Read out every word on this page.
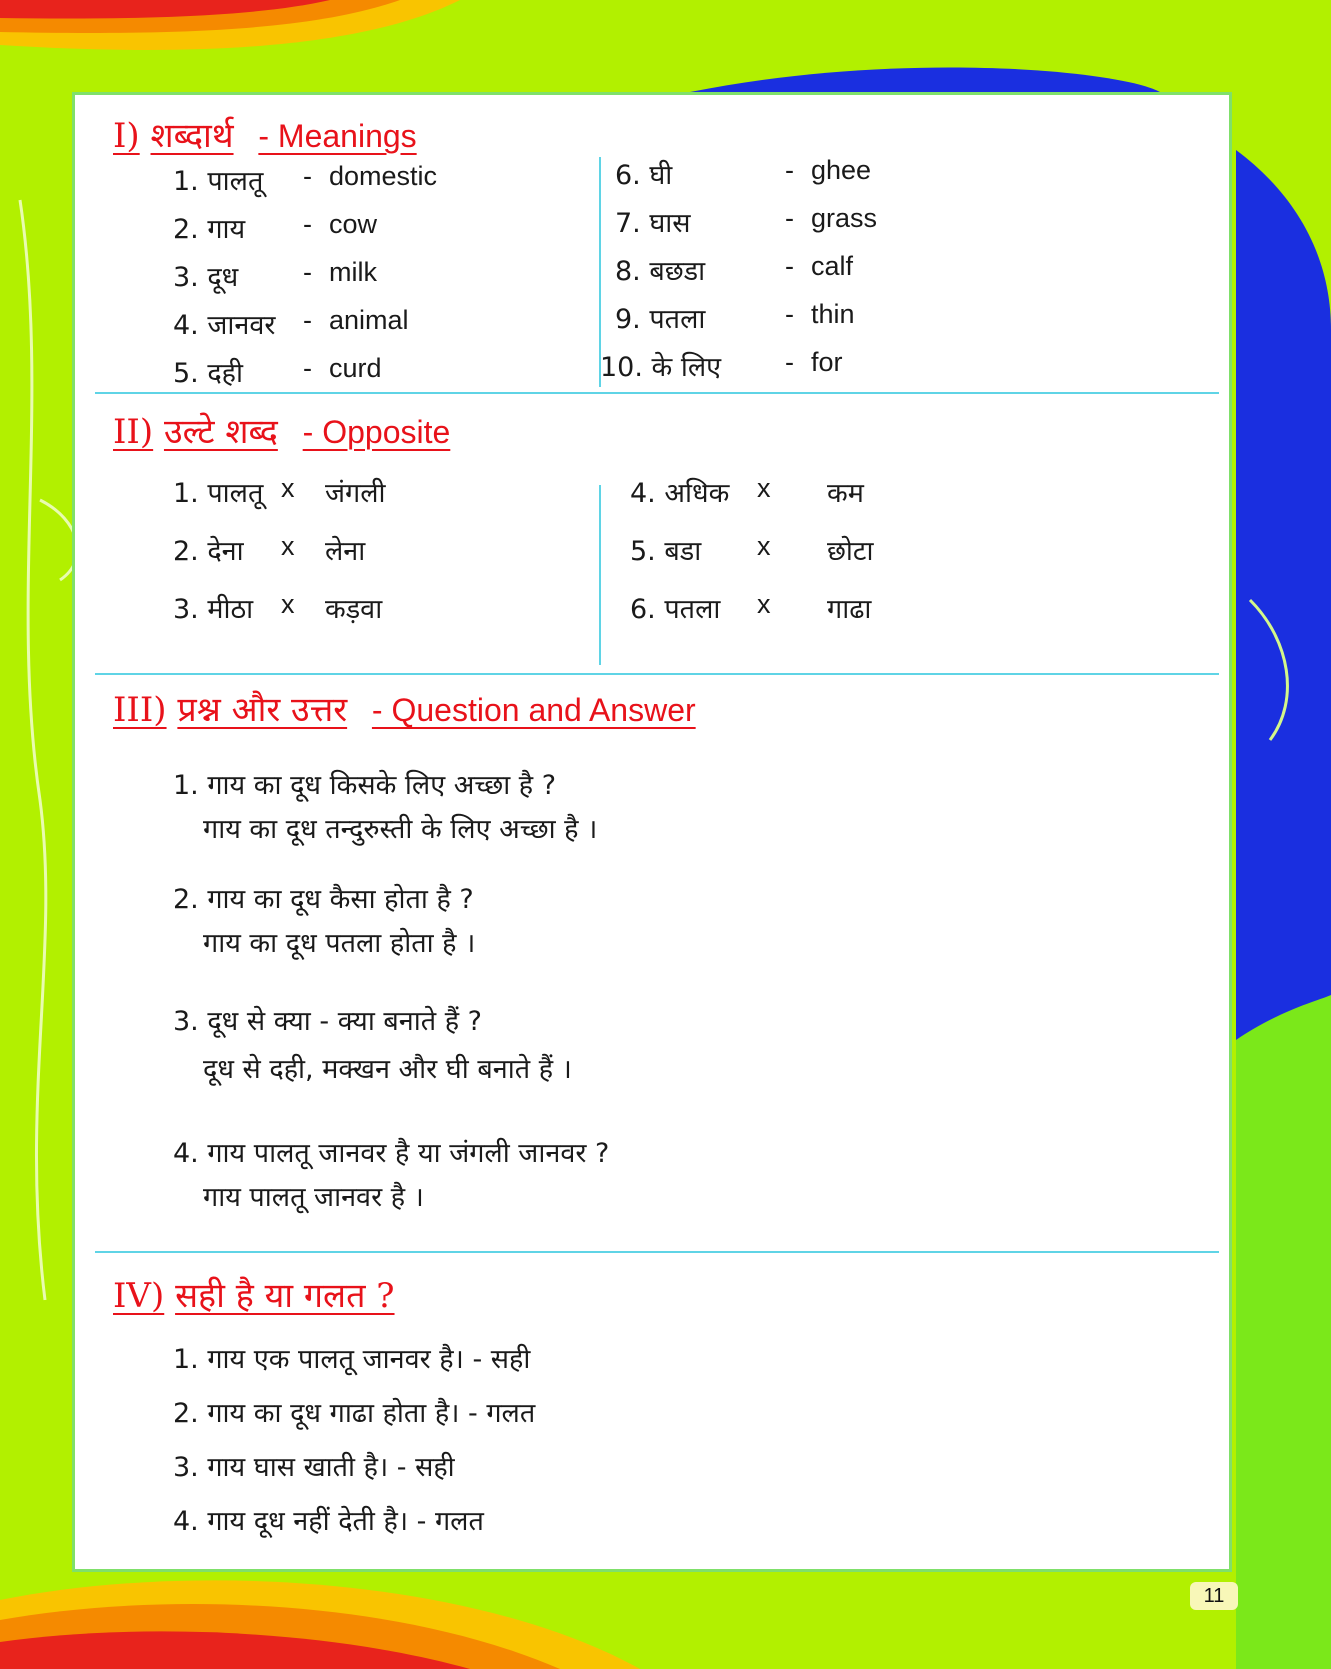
I) शब्दार्थ - Meanings
1. पालतू - domestic
2. गाय - cow
3. दूध - milk
4. जानवर - animal
5. दही - curd
6. घी	- ghee
7. घास	- grass
8. बछडा	- calf
9. पतला	- thin
10. के लिए - for
II) उल्टे शब्द - Opposite
1. पालतू x जंगली
2. देना x लेना
3. मीठा x कड़वा
4. अधिक x कम
5. बडा x छोटा
6. पतला x गाढा
III) प्रश्न और उत्तर - Question and Answer
1. गाय का दूध किसके लिए अच्छा है ?
गाय का दूध तन्दुरुस्ती के लिए अच्छा है ।
2. गाय का दूध कैसा होता है ?
गाय का दूध पतला होता है ।
3. दूध से क्या - क्या बनाते हैं ?
दूध से दही, मक्खन और घी बनाते हैं ।
4. गाय पालतू जानवर है या जंगली जानवर ?
गाय पालतू जानवर है ।
IV) सही है या गलत ?
1. गाय एक पालतू जानवर है। - सही
2. गाय का दूध गाढा होता है। - गलत
3. गाय घास खाती है। - सही
4. गाय दूध नहीं देती है। - गलत
11
